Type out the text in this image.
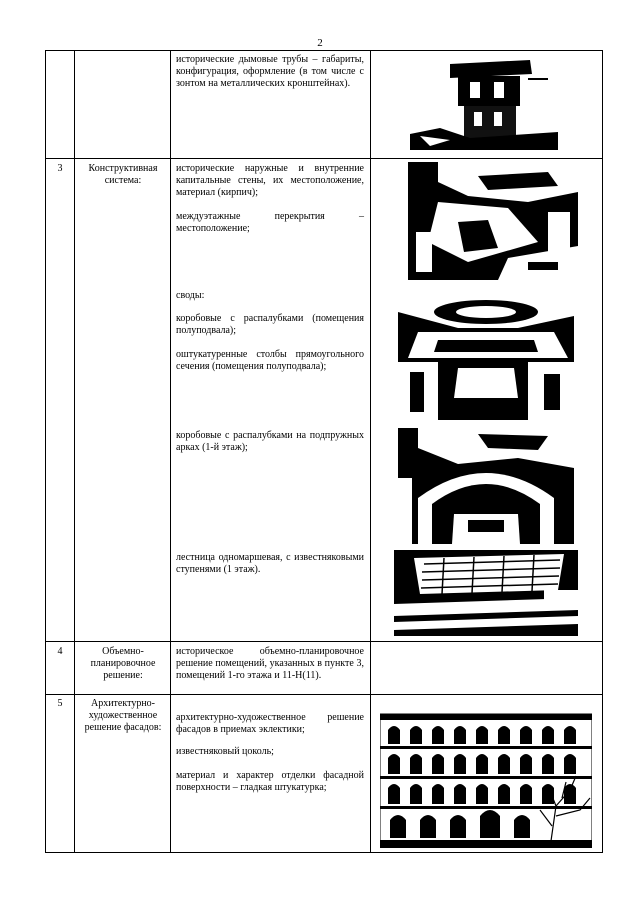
2
исторические дымовые трубы – габариты, конфигурация, оформление (в том числе с зонтом на металлических кронштейнах).
3	Конструктивная система:
исторические наружные и внутренние капитальные стены, их местоположение, материал (кирпич);
междуэтажные перекрытия – местоположение;
своды:
коробовые с распалубками (помещения полуподвала);
оштукатуренные столбы прямоугольного сечения (помещения полуподвала);
коробовые с распалубками на подпружных арках (1-й этаж);
лестница одномаршевая, с известняковыми ступенями (1 этаж).
4	Объемно-планировочное решение:
историческое объемно-планировочное решение помещений, указанных в пункте 3, помещений 1-го этажа и 11-Н(11).
5	Архитектурно-художественное решение фасадов:
архитектурно-художественное решение фасадов в приемах эклектики;
известняковый цоколь;
материал и характер отделки фасадной поверхности – гладкая штукатурка;
